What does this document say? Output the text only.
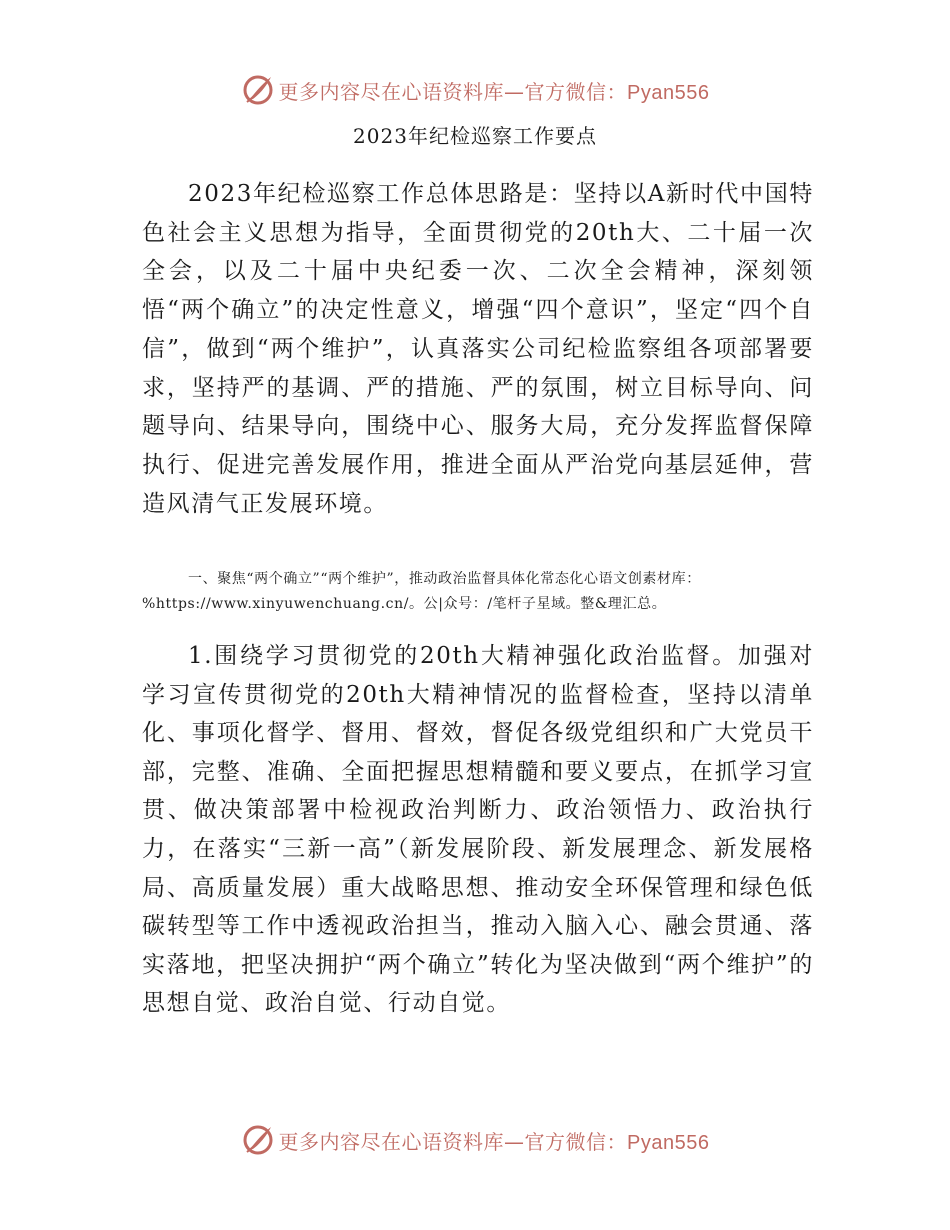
更多内容尽在心语资料库—官方微信：Pyan556
2023年纪检巡察工作要点

2023年纪检巡察工作总体思路是：坚持以A新时代中国特色社会主义思想为指导，全面贯彻党的20th大、二十届一次全会，以及二十届中央纪委一次、二次全会精神，深刻领悟“两个确立”的决定性意义，增强“四个意识”，坚定“四个自信”，做到“两个维护”，认真落实公司纪检监察组各项部署要求，坚持严的基调、严的措施、严的氛围，树立目标导向、问题导向、结果导向，围绕中心、服务大局，充分发挥监督保障执行、促进完善发展作用，推进全面从严治党向基层延伸，营造风清气正发展环境。

一、聚焦“两个确立”“两个维护”，推动政治监督具体化常态化心语文创素材库：%https://www.xinyuwenchuang.cn/。公|众号：/笔杆子星域。整&理汇总。

1.围绕学习贯彻党的20th大精神强化政治监督。加强对学习宣传贯彻党的20th大精神情况的监督检查，坚持以清单化、事项化督学、督用、督效，督促各级党组织和广大党员干部，完整、准确、全面把握思想精髓和要义要点，在抓学习宣贯、做决策部署中检视政治判断力、政治领悟力、政治执行力，在落实“三新一高”（新发展阶段、新发展理念、新发展格局、高质量发展）重大战略思想、推动安全环保管理和绿色低碳转型等工作中透视政治担当，推动入脑入心、融会贯通、落实落地，把坚决拥护“两个确立”转化为坚决做到“两个维护”的思想自觉、政治自觉、行动自觉。

更多内容尽在心语资料库—官方微信：Pyan556
